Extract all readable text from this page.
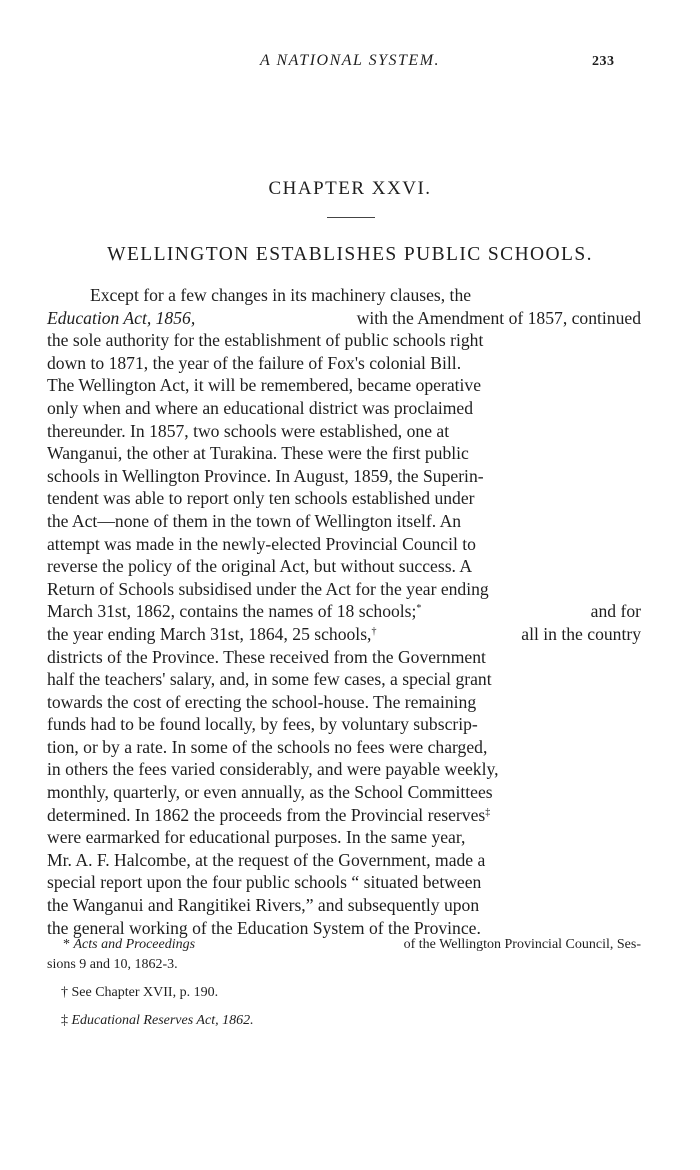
A NATIONAL SYSTEM.	233
CHAPTER XXVI.
WELLINGTON ESTABLISHES PUBLIC SCHOOLS.
Except for a few changes in its machinery clauses, the
Education Act, 1856,	with the Amendment of 1857, continued
the sole authority for the establishment of public schools right
down to 1871, the year of the failure of Fox's colonial Bill.
The Wellington Act, it will be remembered, became operative
only when and where an educational district was proclaimed
thereunder. In 1857, two schools were established, one at
Wanganui, the other at Turakina. These were the first public
schools in Wellington Province. In August, 1859, the Superin-
tendent was able to report only ten schools established under
the Act—none of them in the town of Wellington itself. An
attempt was made in the newly-elected Provincial Council to
reverse the policy of the original Act, but without success. A
Return of Schools subsidised under the Act for the year ending
March 31st, 1862, contains the names of 18 schools;*	and for
the year ending March 31st, 1864, 25 schools,†	all in the country
districts of the Province. These received from the Government
half the teachers' salary, and, in some few cases, a special grant
towards the cost of erecting the school-house. The remaining
funds had to be found locally, by fees, by voluntary subscrip-
tion, or by a rate. In some of the schools no fees were charged,
in others the fees varied considerably, and were payable weekly,
monthly, quarterly, or even annually, as the School Committees
determined. In 1862 the proceeds from the Provincial reserves‡
were earmarked for educational purposes. In the same year,
Mr. A. F. Halcombe, at the request of the Government, made a
special report upon the four public schools “ situated between
the Wanganui and Rangitikei Rivers,” and subsequently upon
the general working of the Education System of the Province.
* Acts and Proceedings	of the Wellington Provincial Council, Ses-
sions 9 and 10, 1862-3.
† See Chapter XVII, p. 190.
‡ Educational Reserves Act, 1862.
